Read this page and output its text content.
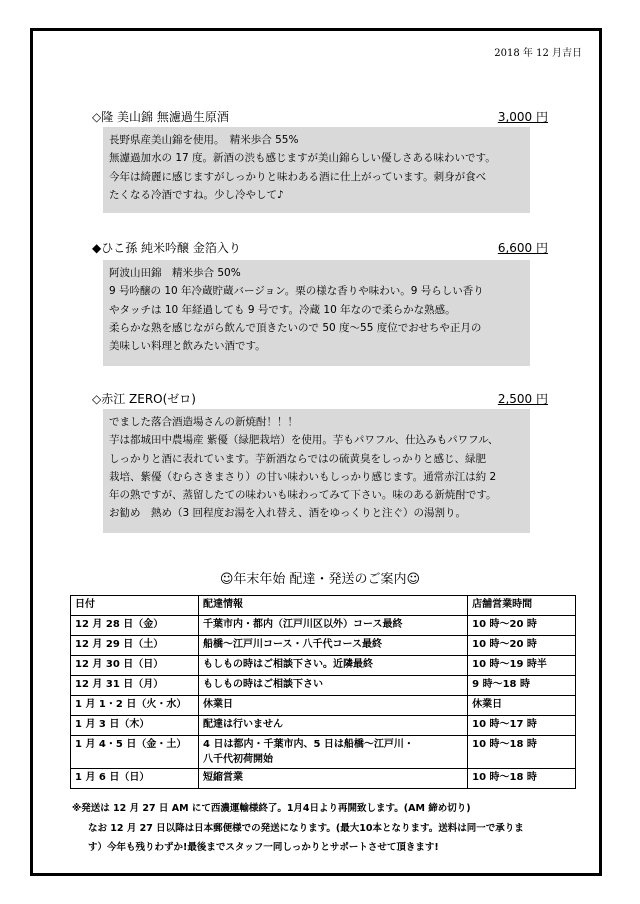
2018 年 12 月吉日
◇隆 美山錦 無濾過生原酒	3,000 円

長野県産美山錦を使用。　精米歩合 55%

無濾過加水の 17 度。新酒の渋も感じますが美山錦らしい優しさある味わいです。

今年は綺麗に感じますがしっかりと味わある酒に仕上がっています。刺身が食べ

たくなる冷酒ですね。少し冷やして♪

◆ひこ孫 純米吟醸 金箔入り	6,600 円

阿波山田錦　精米歩合 50%

9 号吟醸の 10 年冷蔵貯蔵バージョン。栗の様な香りや味わい。9 号らしい香り

やタッチは 10 年経過しても 9 号です。冷蔵 10 年なので柔らかな熟感。

柔らかな熟を感じながら飲んで頂きたいので 50 度～55 度位でおせちや正月の

美味しい料理と飲みたい酒です。

◇赤江 ZERO(ゼロ)	2,500 円

でました落合酒造場さんの新焼酎！！！

芋は都城田中農場産 紫優（緑肥栽培）を使用。芋もパワフル、仕込みもパワフル、

しっかりと酒に表れています。芋新酒ならではの硫黄臭をしっかりと感じ、緑肥

栽培、紫優（むらさきまさり）の甘い味わいもしっかり感じます。通常赤江は約 2

年の熟ですが、蒸留したての味わいも味わってみて下さい。味のある新焼酎です。

お勧め　熱め（3 回程度お湯を入れ替え、酒をゆっくりと注ぐ）の湯割り。

☺年末年始 配達・発送のご案内☺
日付	配達情報	店舗営業時間
12 月 28 日（金）	千葉市内・都内（江戸川区以外）コース最終	10 時～20 時
12 月 29 日（土）	船橋～江戸川コース・八千代コース最終	10 時～20 時
12 月 30 日（日）	もしもの時はご相談下さい。近隣最終	10 時～19 時半
12 月 31 日（月）	もしもの時はご相談下さい	9 時～18 時
1 月 1・2 日（火・水）	休業日	休業日
1 月 3 日（木）	配達は行いません	10 時～17 時
1 月 4・5 日（金・土）	4 日は都内・千葉市内、5 日は船橋～江戸川・
八千代初荷開始	10 時～18 時
1 月 6 日（日）	短縮営業	10 時～18 時
※発送は 12 月 27 日 AM にて西濃運輸様終了。1月4日より再開致します。(AM 締め切り)
なお 12 月 27 日以降は日本郵便様での発送になります。(最大10本となります。送料は同一で承りま
す）今年も残りわずか!最後までスタッフ一同しっかりとサポートさせて頂きます!
